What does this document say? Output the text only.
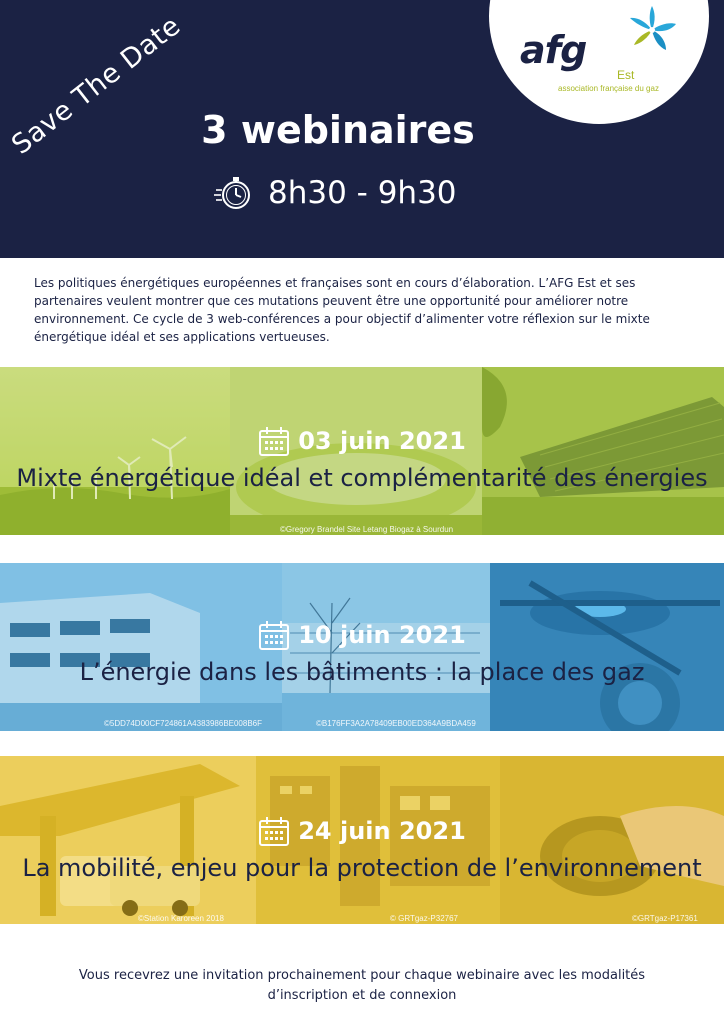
Save The Date	afg
Est
association française du gaz
3 webinaires
8h30 - 9h30
Les politiques énergétiques européennes et françaises sont en cours d’élaboration. L’AFG Est et ses partenaires veulent montrer que ces mutations peuvent être une opportunité pour améliorer notre environnement. Ce cycle de 3 web-conférences a pour objectif d’alimenter votre réflexion sur le mixte énergétique idéal et ses applications vertueuses.
03 juin 2021
Mixte énergétique idéal et complémentarité des énergies
©Gregory Brandel Site Letang Biogaz à Sourdun
10 juin 2021
L’énergie dans les bâtiments : la place des gaz
©5DD74D00CF724861A4383986BE008B6F	©B176FF3A2A78409EB00ED364A9BDA459
24 juin 2021
La mobilité, enjeu pour la protection de l’environnement
©Station Karoreen 2018	© GRTgaz-P32767	©GRTgaz-P17361
Vous recevrez une invitation prochainement pour chaque webinaire avec les modalités
d’inscription et de connexion
